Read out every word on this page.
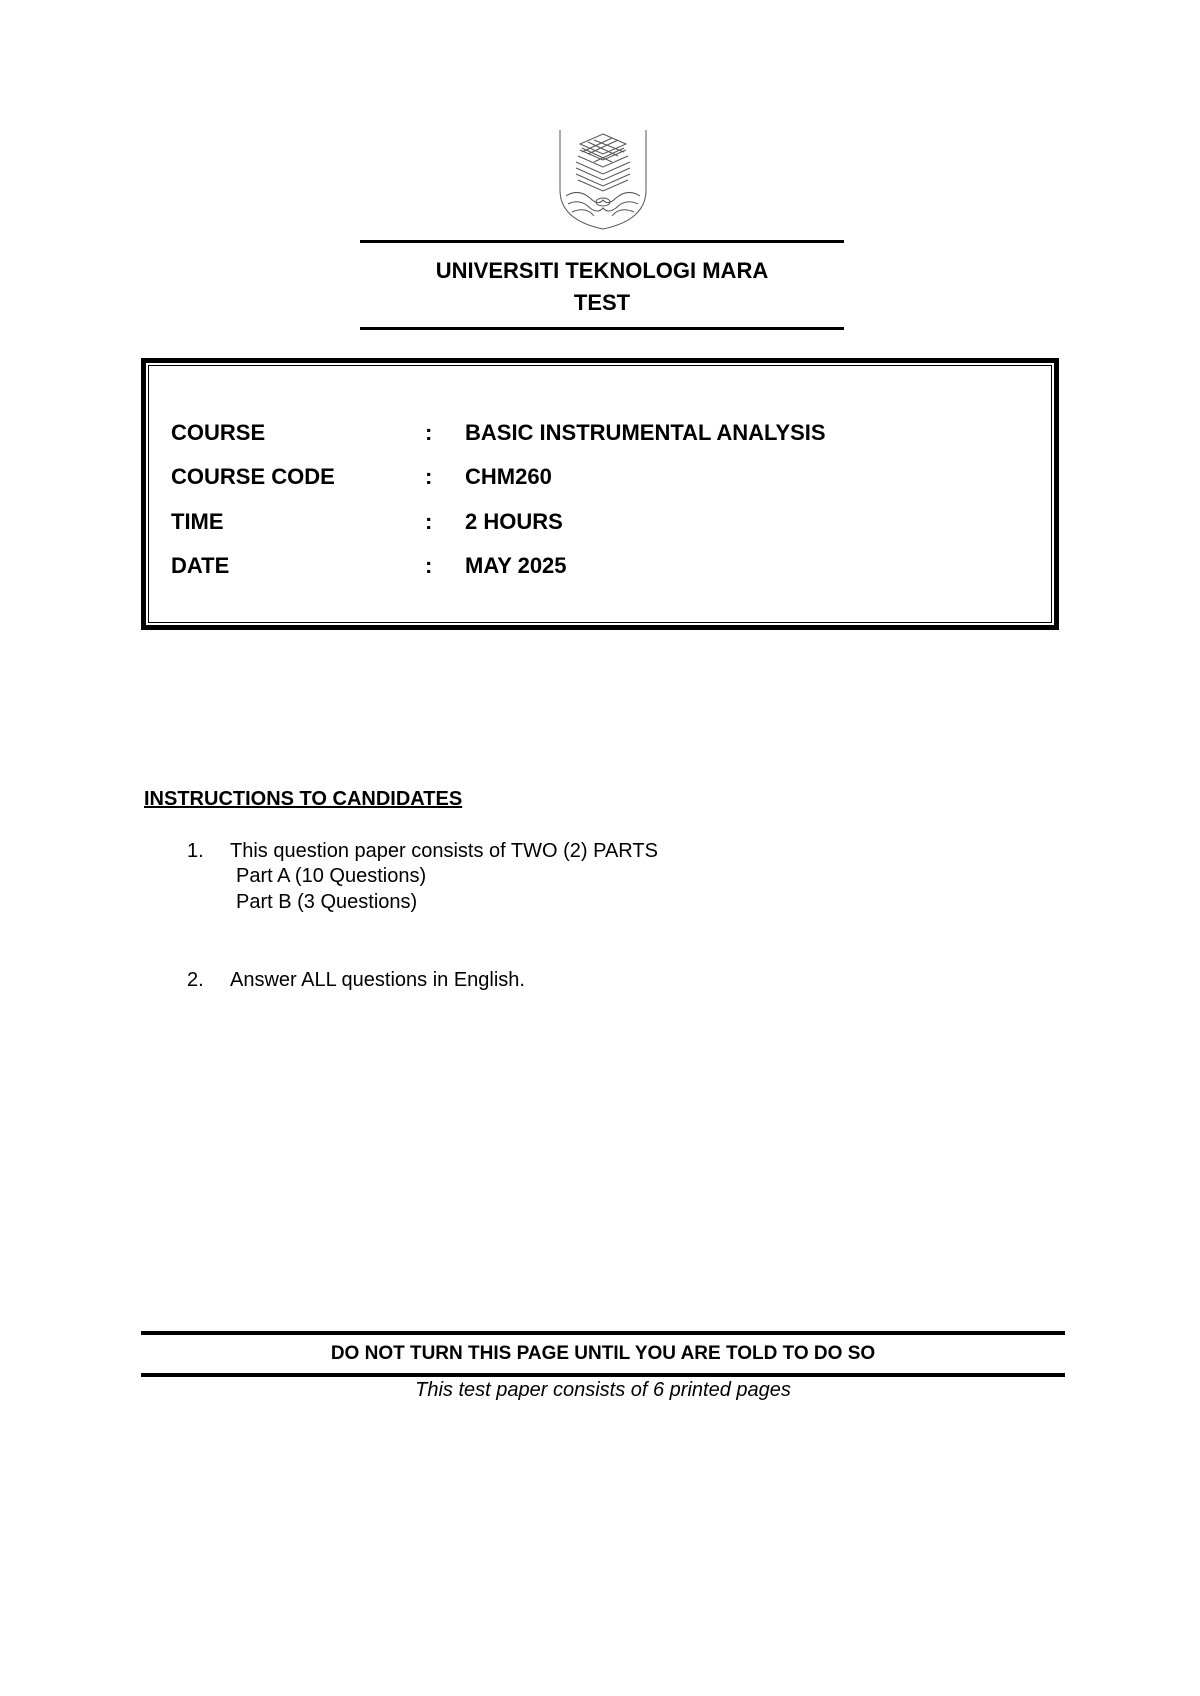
UNIVERSITI TEKNOLOGI MARA
TEST
COURSE	: BASIC INSTRUMENTAL ANALYSIS
COURSE CODE	: CHM260
TIME	: 2 HOURS
DATE	: MAY 2025
INSTRUCTIONS TO CANDIDATES
1. This question paper consists of TWO (2) PARTS
Part A (10 Questions)
Part B (3 Questions)
2. Answer ALL questions in English.
DO NOT TURN THIS PAGE UNTIL YOU ARE TOLD TO DO SO
This test paper consists of 6 printed pages
